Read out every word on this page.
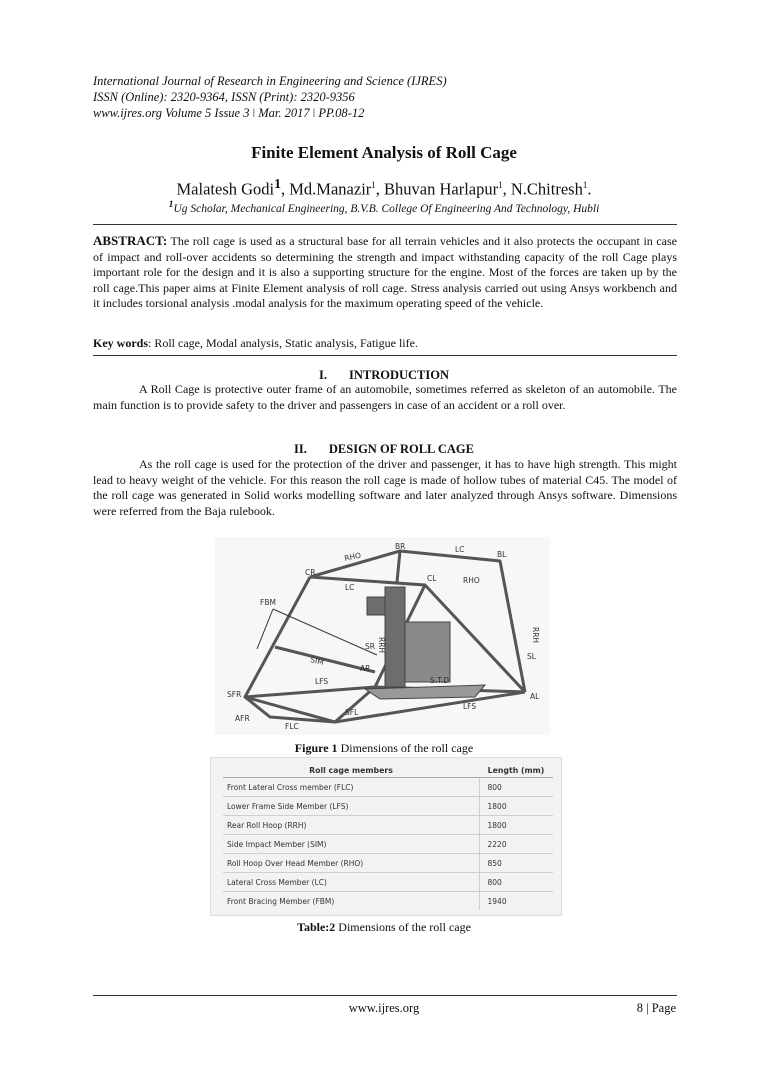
International Journal of Research in Engineering and Science (IJRES)
ISSN (Online): 2320-9364, ISSN (Print): 2320-9356
www.ijres.org Volume 5 Issue 3 ǀ Mar. 2017 ǀ PP.08-12
Finite Element Analysis of Roll Cage
Malatesh Godi$^1$, Md.Manazir$^1$, Bhuvan Harlapur$^1$, N.Chitresh$^1$.
$^1$Ug Scholar, Mechanical Engineering, B.V.B. College Of Engineering And Technology, Hubli
ABSTRACT: The roll cage is used as a structural base for all terrain vehicles and it also protects the occupant in case of impact and roll-over accidents so determining the strength and impact withstanding capacity of the roll Cage plays important role for the design and it is also a supporting structure for the engine. Most of the forces are taken up by the roll cage.This paper aims at Finite Element analysis of roll cage. Stress analysis carried out using Ansys workbench and it includes torsional analysis .modal analysis for the maximum operating speed of the vehicle.
Key words: Roll cage, Modal analysis, Static analysis, Fatigue life.
I. INTRODUCTION
A Roll Cage is protective outer frame of an automobile, sometimes referred as skeleton of an automobile. The main function is to provide safety to the driver and passengers in case of an accident or a roll over.
II. DESIGN OF ROLL CAGE
As the roll cage is used for the protection of the driver and passenger, it has to have high strength. This might lead to heavy weight of the vehicle. For this reason the roll cage is made of hollow tubes of material C45. The model of the roll cage was generated in Solid works modelling software and later analyzed through Ansys software. Dimensions were referred from the Baja rulebook.
RHO
RHO
LC
LC
FBM
SIM
LFS
LFS
FLC
RRH
RRH
SFR
SFL
AFR
AR
AL
BR
BL
CR
CL
SL
SR
S.T.D
Figure 1 Dimensions of the roll cage
Roll cage members	Length (mm)
Front Lateral Cross member (FLC)	800
Lower Frame Side Member (LFS)	1800
Rear Roll Hoop (RRH)	1800
Side Impact Member (SIM)	2220
Roll Hoop Over Head Member (RHO)	850
Lateral Cross Member (LC)	800
Front Bracing Member (FBM)	1940
Table:2 Dimensions of the roll cage
www.ijres.org	8 | Page
